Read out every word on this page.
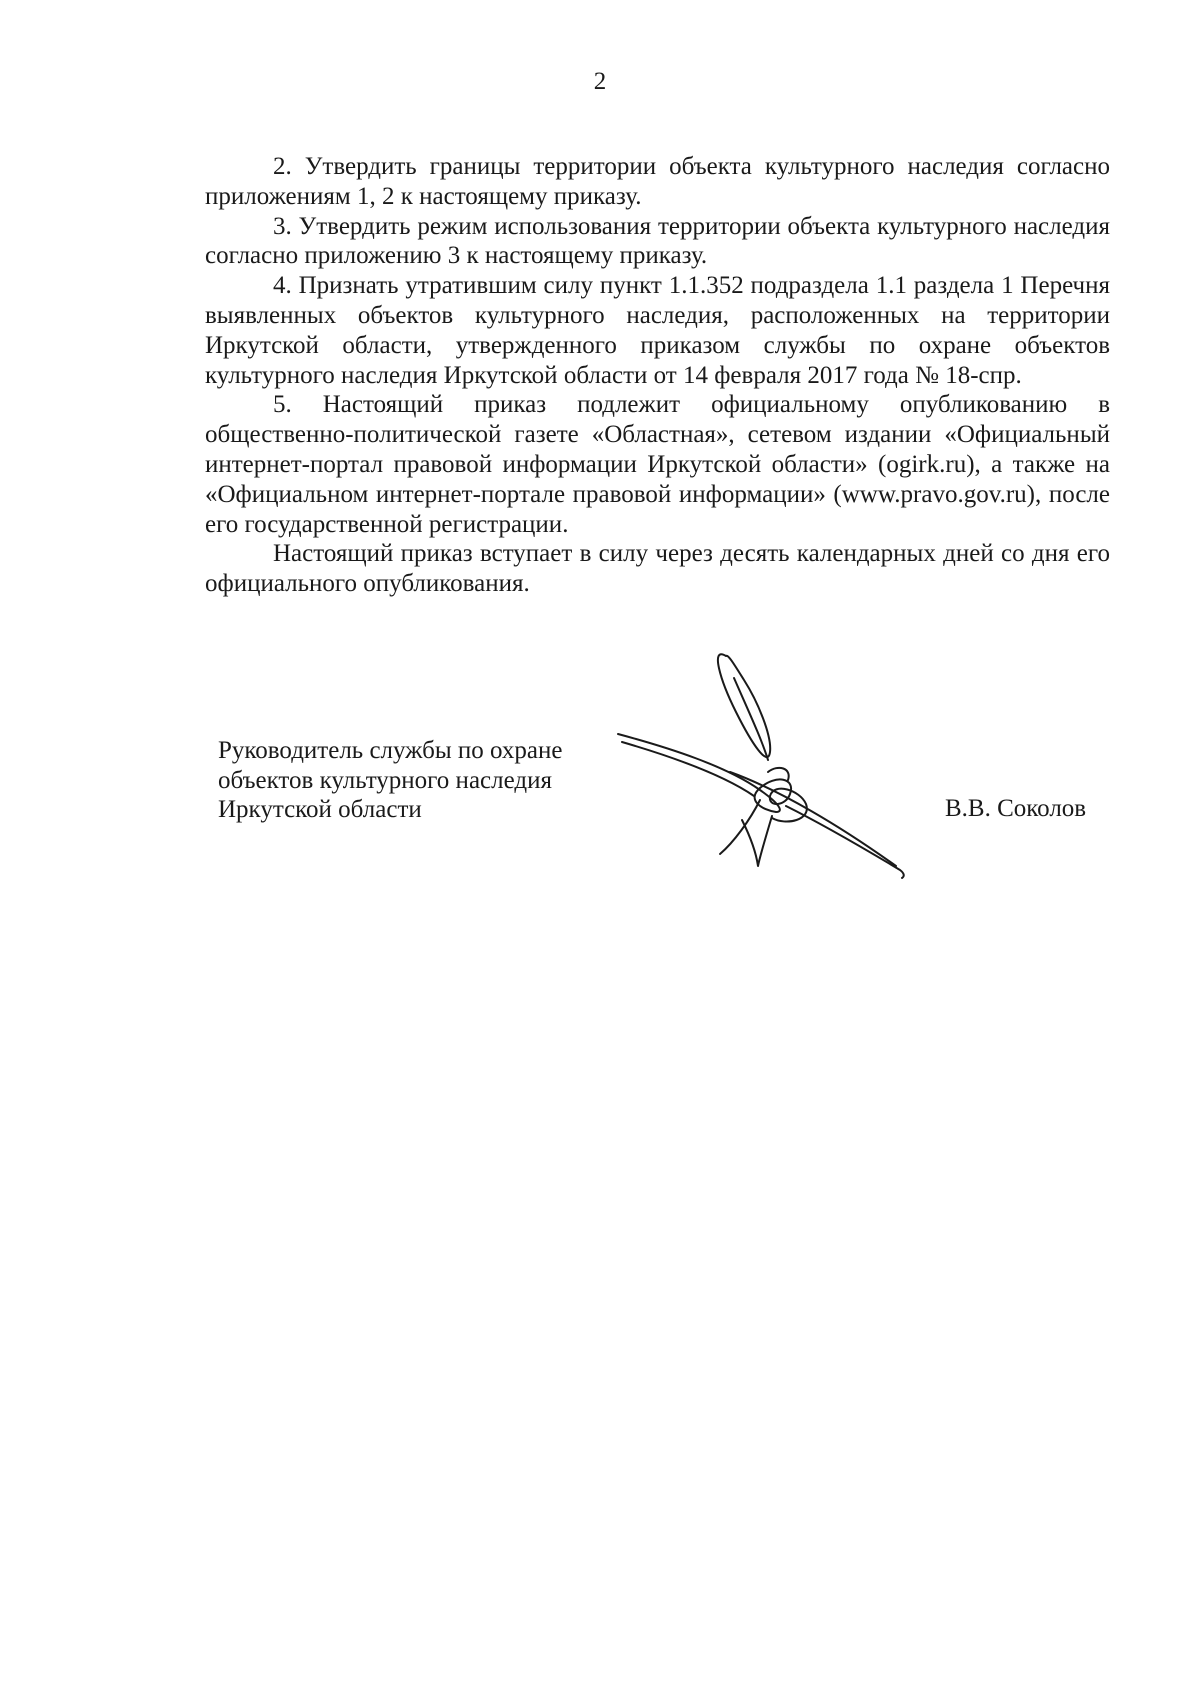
2

2. Утвердить границы территории объекта культурного наследия согласно приложениям 1, 2 к настоящему приказу.

3. Утвердить режим использования территории объекта культурного наследия согласно приложению 3 к настоящему приказу.

4. Признать утратившим силу пункт 1.1.352 подраздела 1.1 раздела 1 Перечня выявленных объектов культурного наследия, расположенных на территории Иркутской области, утвержденного приказом службы по охране объектов культурного наследия Иркутской области от 14 февраля 2017 года № 18-спр.

5. Настоящий приказ подлежит официальному опубликованию в общественно-политической газете «Областная», сетевом издании «Официальный интернет-портал правовой информации Иркутской области» (ogirk.ru), а также на «Официальном интернет-портале правовой информации» (www.pravo.gov.ru), после его государственной регистрации.

Настоящий приказ вступает в силу через десять календарных дней со дня его официального опубликования.

Руководитель службы по охране
объектов культурного наследия
Иркутской области	В.В. Соколов
